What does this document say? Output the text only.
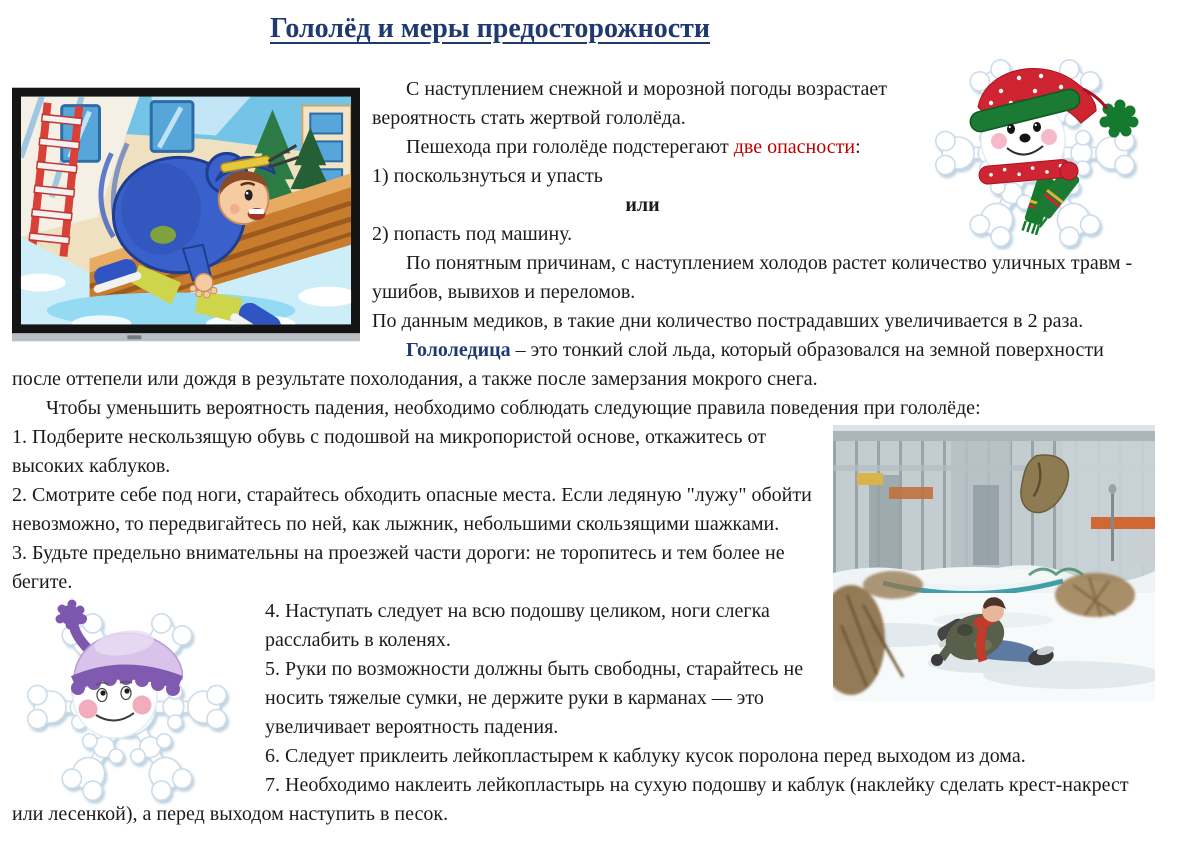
Гололёд и меры предосторожности

С наступлением снежной и морозной погоды возрастает вероятность стать жертвой гололёда.

Пешехода при гололёде подстерегают две опасности:

1) поскользнуться и упасть

или

2) попасть под машину.

По понятным причинам, с наступлением холодов растет количество уличных травм - ушибов, вывихов и переломов.

По данным медиков, в такие дни количество пострадавших увеличивается в 2 раза.

Гололедица – это тонкий слой льда, который образовался на земной поверхности после оттепели или дождя в результате похолодания, а также после замерзания мокрого снега.

Чтобы уменьшить вероятность падения, необходимо соблюдать следующие правила поведения при гололёде:

1. Подберите нескользящую обувь с подошвой на микропористой основе, откажитесь от высоких каблуков.

2. Смотрите себе под ноги, старайтесь обходить опасные места. Если ледяную "лужу" обойти невозможно, то передвигайтесь по ней, как лыжник, небольшими скользящими шажками.

3. Будьте предельно внимательны на проезжей части дороги: не торопитесь и тем более не бегите.

4. Наступать следует на всю подошву целиком, ноги слегка расслабить в коленях.

5. Руки по возможности должны быть свободны, старайтесь не носить тяжелые сумки, не держите руки в карманах — это увеличивает вероятность падения.

6. Следует приклеить лейкопластырем к каблуку кусок поролона перед выходом из дома.

7. Необходимо наклеить лейкопластырь на сухую подошву и каблук (наклейку сделать крест-накрест или лесенкой), а перед выходом наступить в песок.
